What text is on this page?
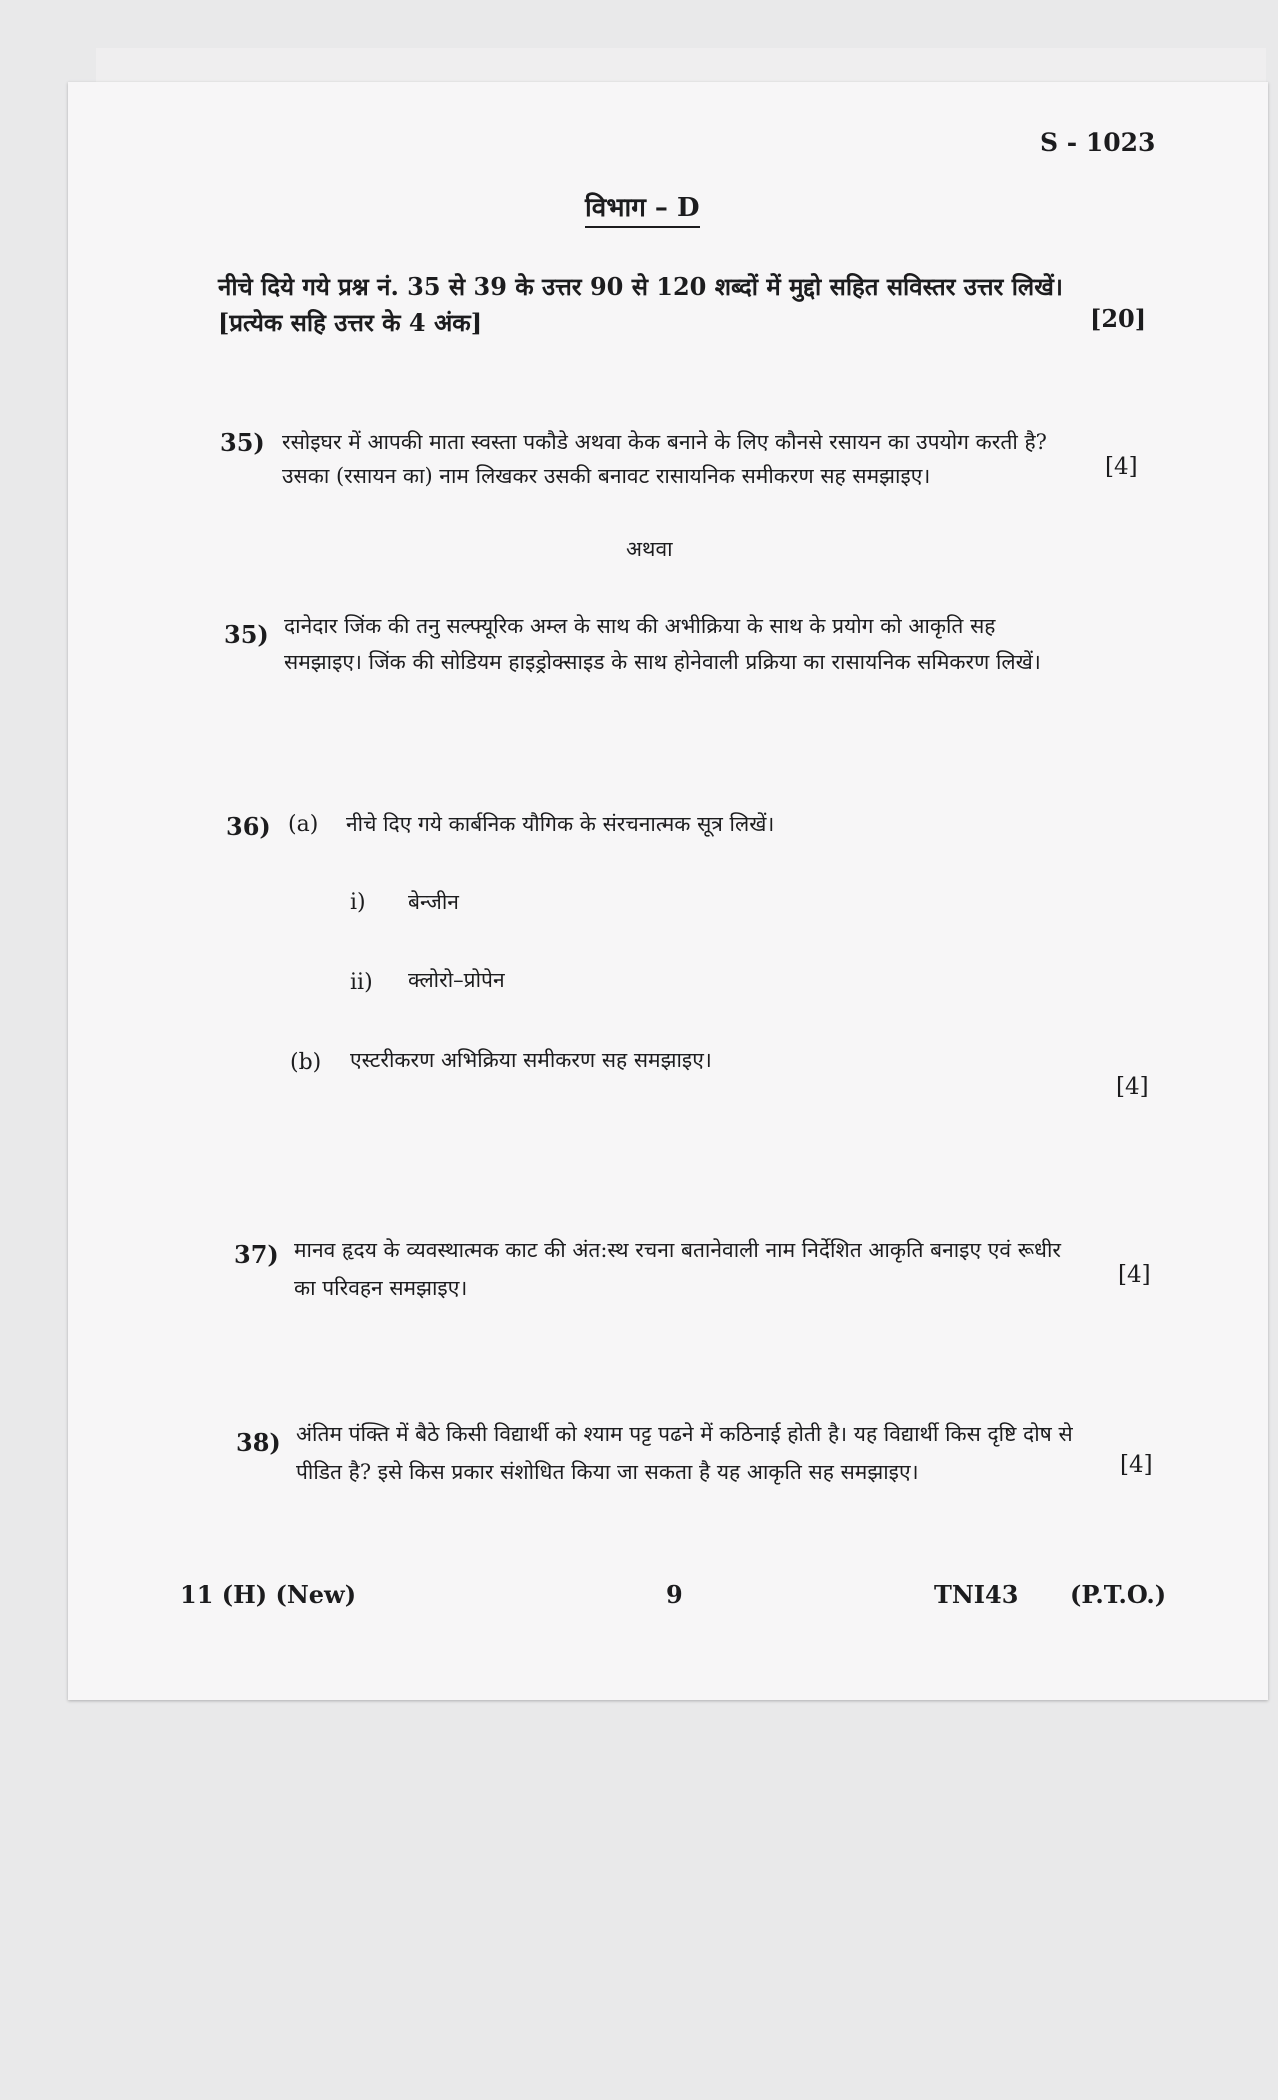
S - 1023
विभाग – D
नीचे दिये गये प्रश्न नं. 35 से 39 के उत्तर 90 से 120 शब्दों में मुद्दो सहित सविस्तर उत्तर लिखें।
[प्रत्येक सहि उत्तर के 4 अंक]	[20]
35) रसोइघर में आपकी माता स्वस्ता पकौडे अथवा केक बनाने के लिए कौनसे रसायन का उपयोग करती है?
उसका (रसायन का) नाम लिखकर उसकी बनावट रासायनिक समीकरण सह समझाइए।	[4]
अथवा
35) दानेदार जिंक की तनु सल्फ्यूरिक अम्ल के साथ की अभीक्रिया के साथ के प्रयोग को आकृति सह
समझाइए। जिंक की सोडियम हाइड्रोक्साइड के साथ होनेवाली प्रक्रिया का रासायनिक समिकरण लिखें।
36) (a) नीचे दिए गये कार्बनिक यौगिक के संरचनात्मक सूत्र लिखें।
i) बेन्जीन
ii) क्लोरो–प्रोपेन
(b) एस्टरीकरण अभिक्रिया समीकरण सह समझाइए।
[4]
37) मानव हृदय के व्यवस्थात्मक काट की अंत:स्थ रचना बतानेवाली नाम निर्देशित आकृति बनाइए एवं रूधीर
का परिवहन समझाइए।	[4]
38) अंतिम पंक्ति में बैठे किसी विद्यार्थी को श्याम पट्ट पढने में कठिनाई होती है। यह विद्यार्थी किस दृष्टि दोष से
पीडित है? इसे किस प्रकार संशोधित किया जा सकता है यह आकृति सह समझाइए।	[4]
11 (H) (New)	9	TNI43 (P.T.O.)
